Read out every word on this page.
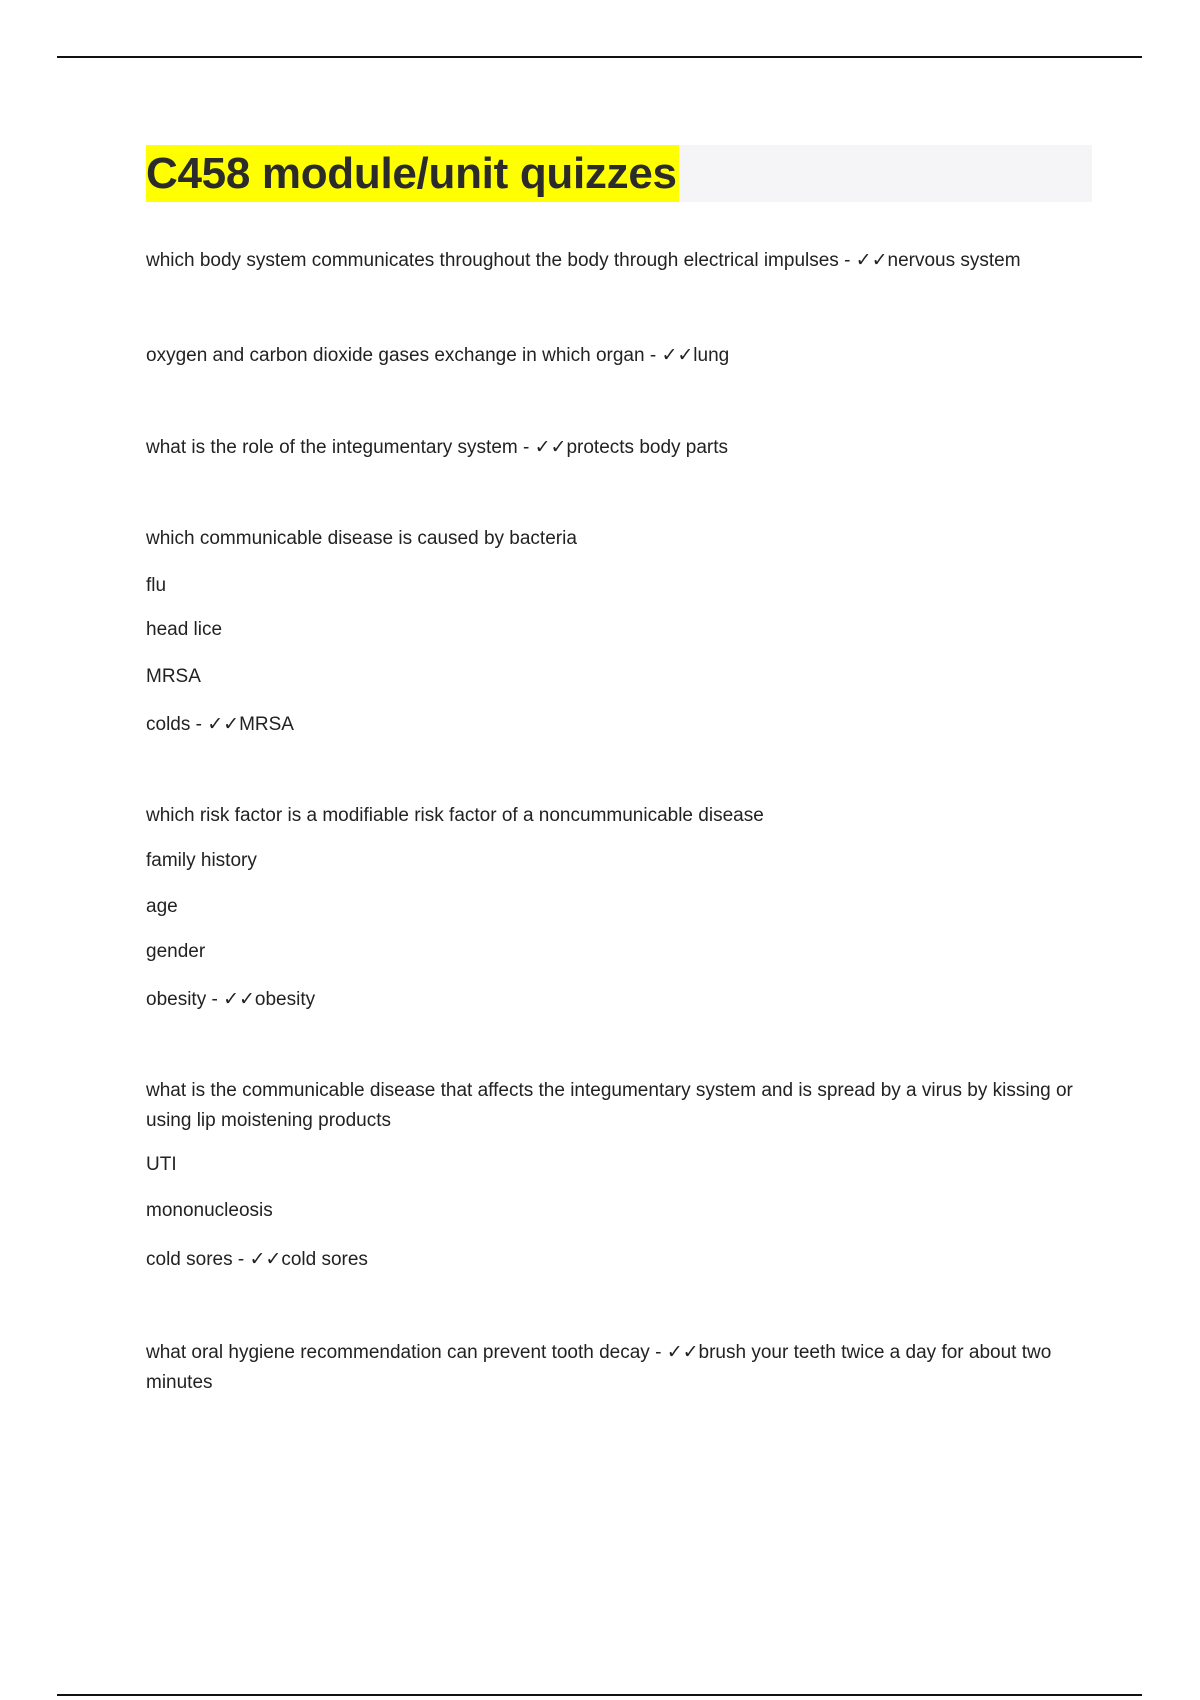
C458 module/unit quizzes
which body system communicates throughout the body through electrical impulses - ✓✓nervous system
oxygen and carbon dioxide gases exchange in which organ - ✓✓lung
what is the role of the integumentary system - ✓✓protects body parts
which communicable disease is caused by bacteria
flu
head lice
MRSA
colds - ✓✓MRSA
which risk factor is a modifiable risk factor of a noncummunicable disease
family history
age
gender
obesity - ✓✓obesity
what is the communicable disease that affects the integumentary system and is spread by a virus by kissing or using lip moistening products
UTI
mononucleosis
cold sores - ✓✓cold sores
what oral hygiene recommendation can prevent tooth decay - ✓✓brush your teeth twice a day for about two minutes
